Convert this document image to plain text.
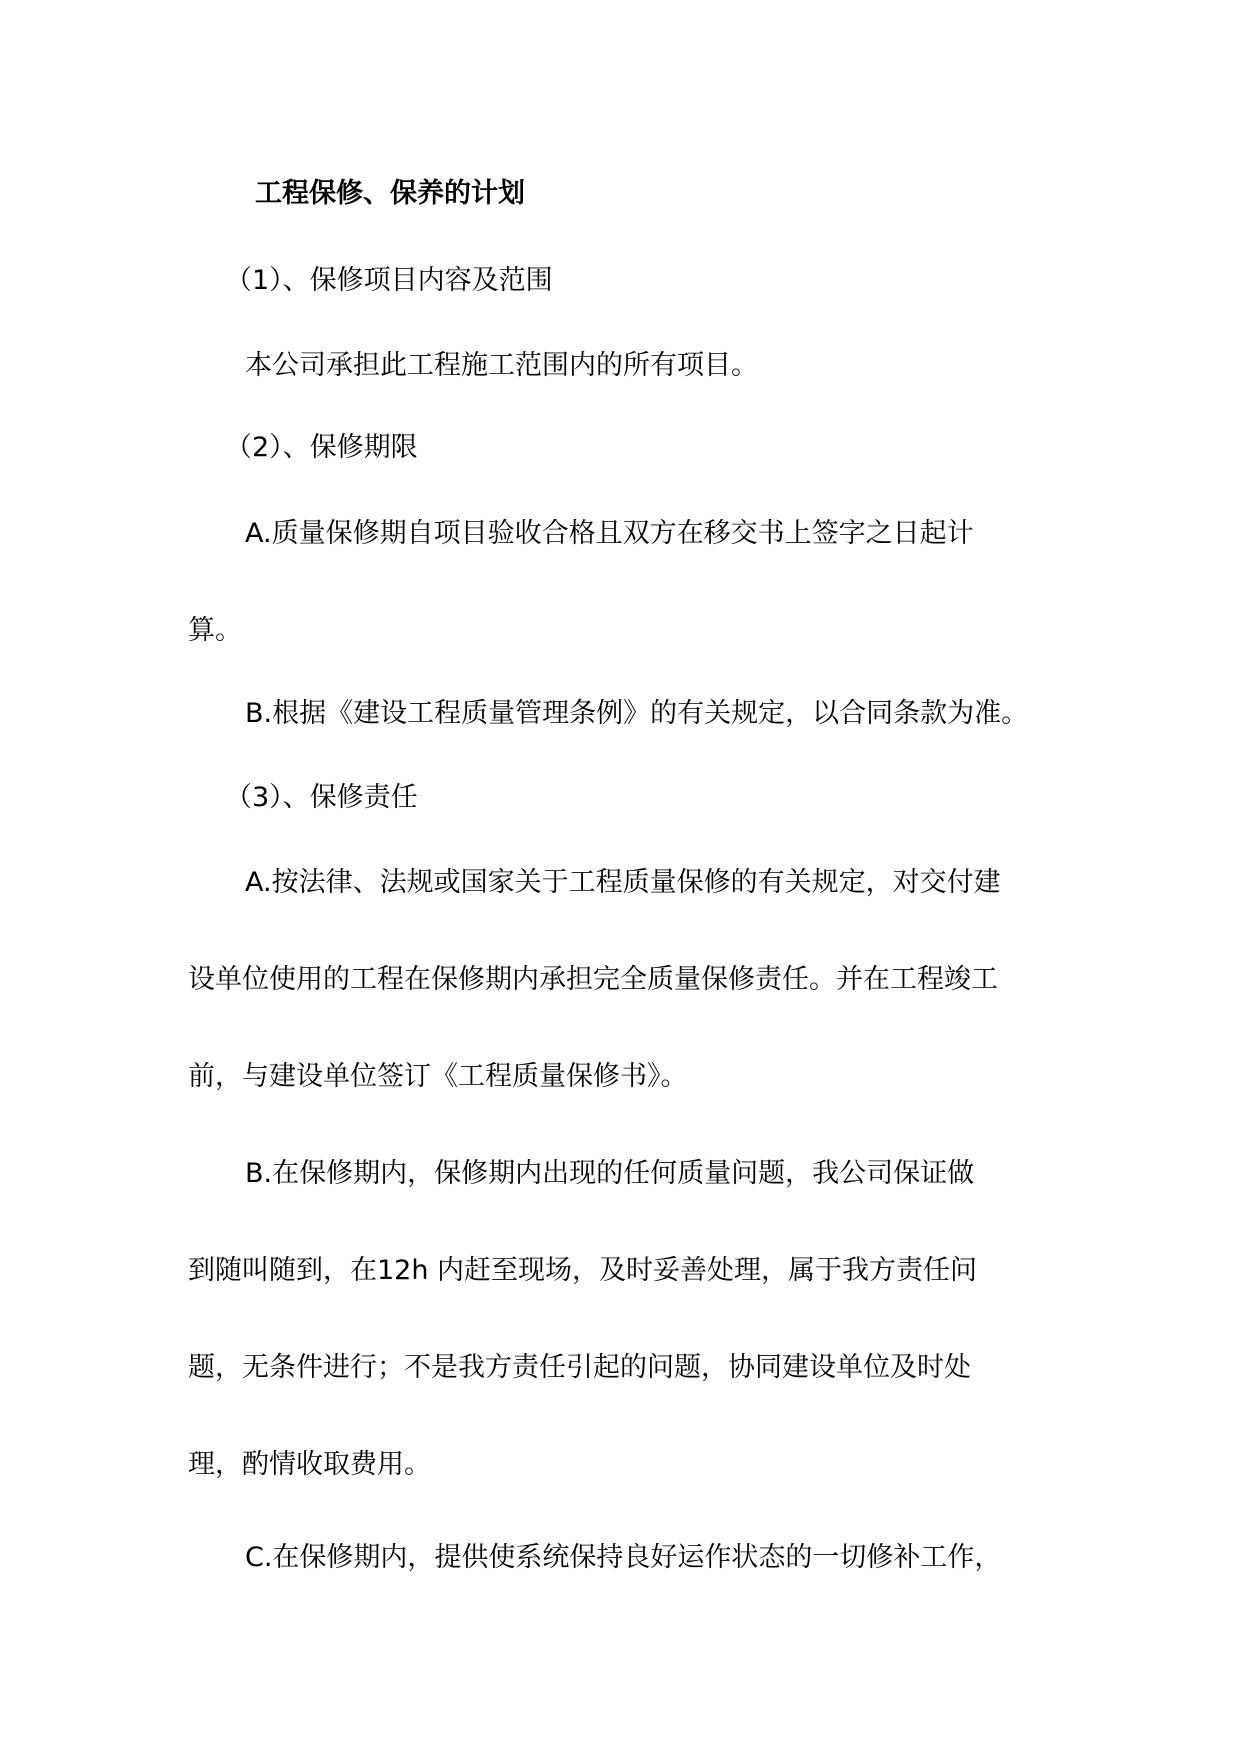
工程保修、保养的计划
（1）、保修项目内容及范围
本公司承担此工程施工范围内的所有项目。
（2）、保修期限
A.质量保修期自项目验收合格且双方在移交书上签字之日起计
算。
B.根据《建设工程质量管理条例》的有关规定，以合同条款为准。
（3）、保修责任
A.按法律、法规或国家关于工程质量保修的有关规定，对交付建
设单位使用的工程在保修期内承担完全质量保修责任。并在工程竣工
前，与建设单位签订《工程质量保修书》。
B.在保修期内，保修期内出现的任何质量问题，我公司保证做
到随叫随到，在12h 内赶至现场，及时妥善处理，属于我方责任问
题，无条件进行；不是我方责任引起的问题，协同建设单位及时处
理，酌情收取费用。
C.在保修期内，提供使系统保持良好运作状态的一切修补工作，
